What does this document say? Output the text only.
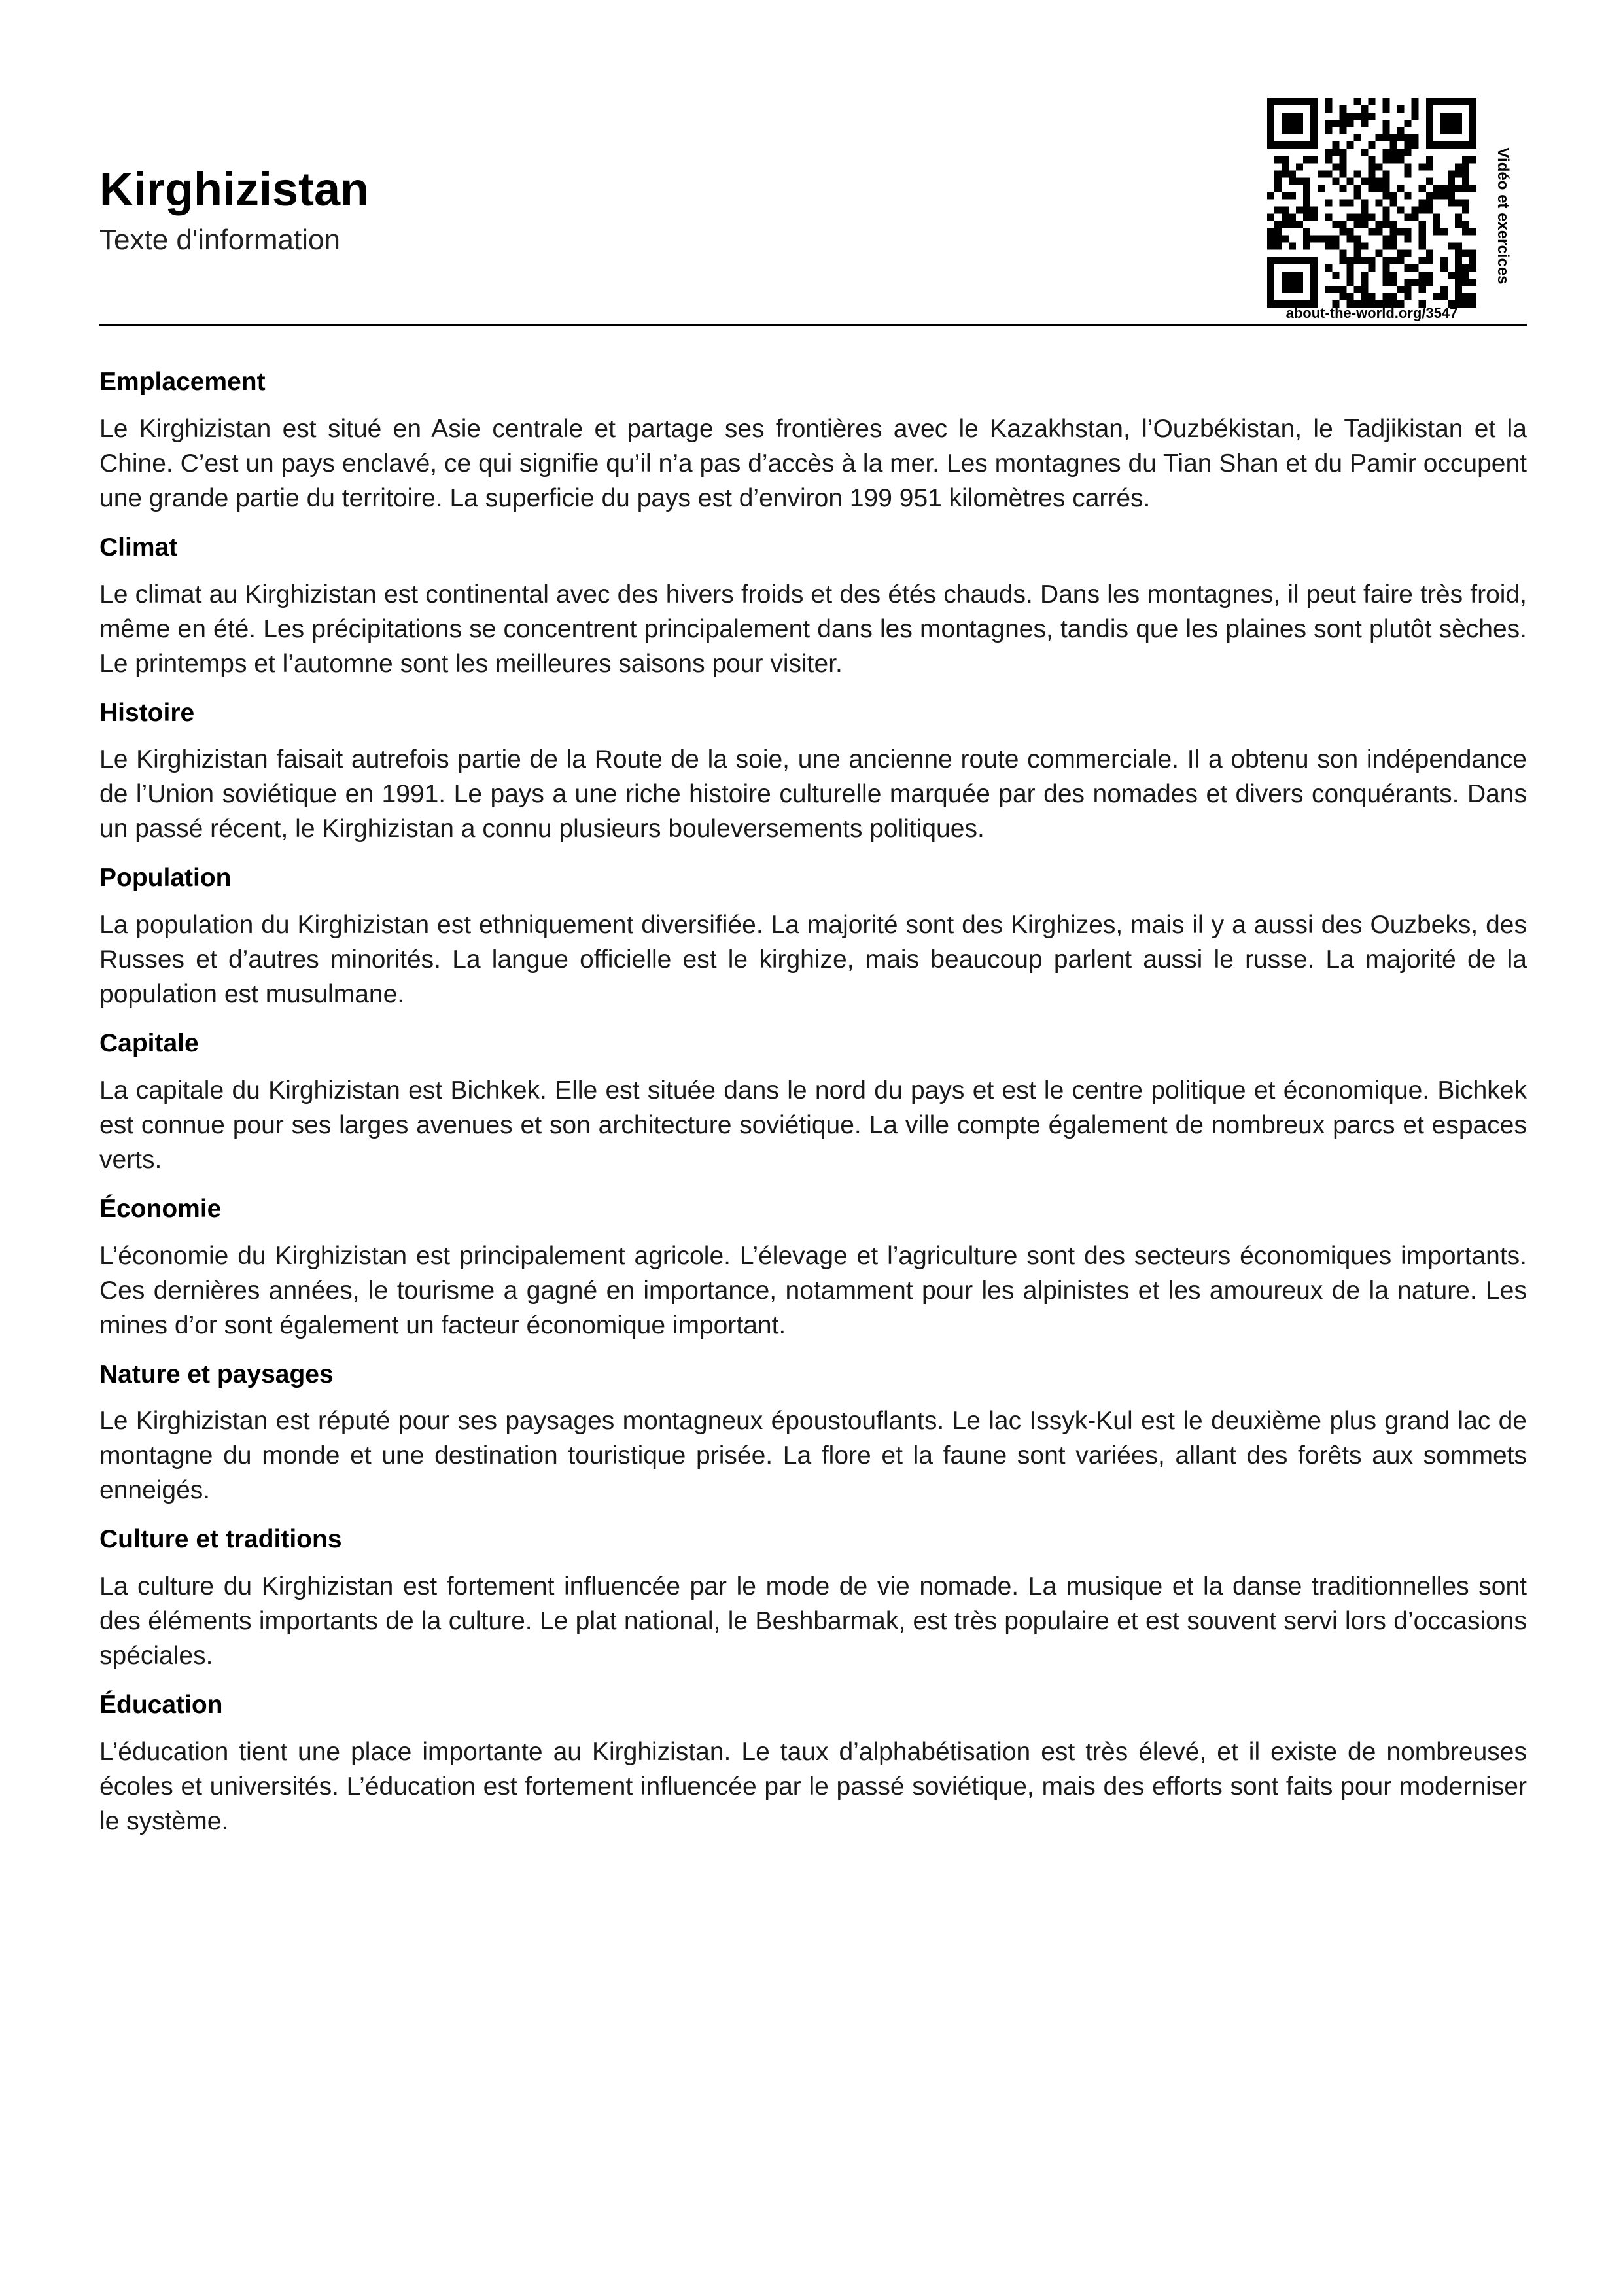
Kirghizistan
Texte d'information
about-the-world.org/3547
Vidéo et exercices
Emplacement

Le Kirghizistan est situé en Asie centrale et partage ses frontières avec le Kazakhstan, l’Ouzbékistan, le Tadjikistan et la Chine. C’est un pays enclavé, ce qui signifie qu’il n’a pas d’accès à la mer. Les montagnes du Tian Shan et du Pamir occupent une grande partie du territoire. La superficie du pays est d’environ 199 951 kilomètres carrés.

Climat

Le climat au Kirghizistan est continental avec des hivers froids et des étés chauds. Dans les montagnes, il peut faire très froid, même en été. Les précipitations se concentrent principalement dans les montagnes, tandis que les plaines sont plutôt sèches. Le printemps et l’automne sont les meilleures saisons pour visiter.

Histoire

Le Kirghizistan faisait autrefois partie de la Route de la soie, une ancienne route commerciale. Il a obtenu son indépendance de l’Union soviétique en 1991. Le pays a une riche histoire culturelle marquée par des nomades et divers conquérants. Dans un passé récent, le Kirghizistan a connu plusieurs bouleversements politiques.

Population

La population du Kirghizistan est ethniquement diversifiée. La majorité sont des Kirghizes, mais il y a aussi des Ouzbeks, des Russes et d’autres minorités. La langue officielle est le kirghize, mais beaucoup parlent aussi le russe. La majorité de la population est musulmane.

Capitale

La capitale du Kirghizistan est Bichkek. Elle est située dans le nord du pays et est le centre politique et économique. Bichkek est connue pour ses larges avenues et son architecture soviétique. La ville compte également de nombreux parcs et espaces verts.

Économie

L’économie du Kirghizistan est principalement agricole. L’élevage et l’agriculture sont des secteurs économiques importants. Ces dernières années, le tourisme a gagné en importance, notamment pour les alpinistes et les amoureux de la nature. Les mines d’or sont également un facteur économique important.

Nature et paysages

Le Kirghizistan est réputé pour ses paysages montagneux époustouflants. Le lac Issyk-Kul est le deuxième plus grand lac de montagne du monde et une destination touristique prisée. La flore et la faune sont variées, allant des forêts aux sommets enneigés.

Culture et traditions

La culture du Kirghizistan est fortement influencée par le mode de vie nomade. La musique et la danse traditionnelles sont des éléments importants de la culture. Le plat national, le Beshbarmak, est très populaire et est souvent servi lors d’occasions spéciales.

Éducation

L’éducation tient une place importante au Kirghizistan. Le taux d’alphabétisation est très élevé, et il existe de nombreuses écoles et universités. L’éducation est fortement influencée par le passé soviétique, mais des efforts sont faits pour moderniser le système.
